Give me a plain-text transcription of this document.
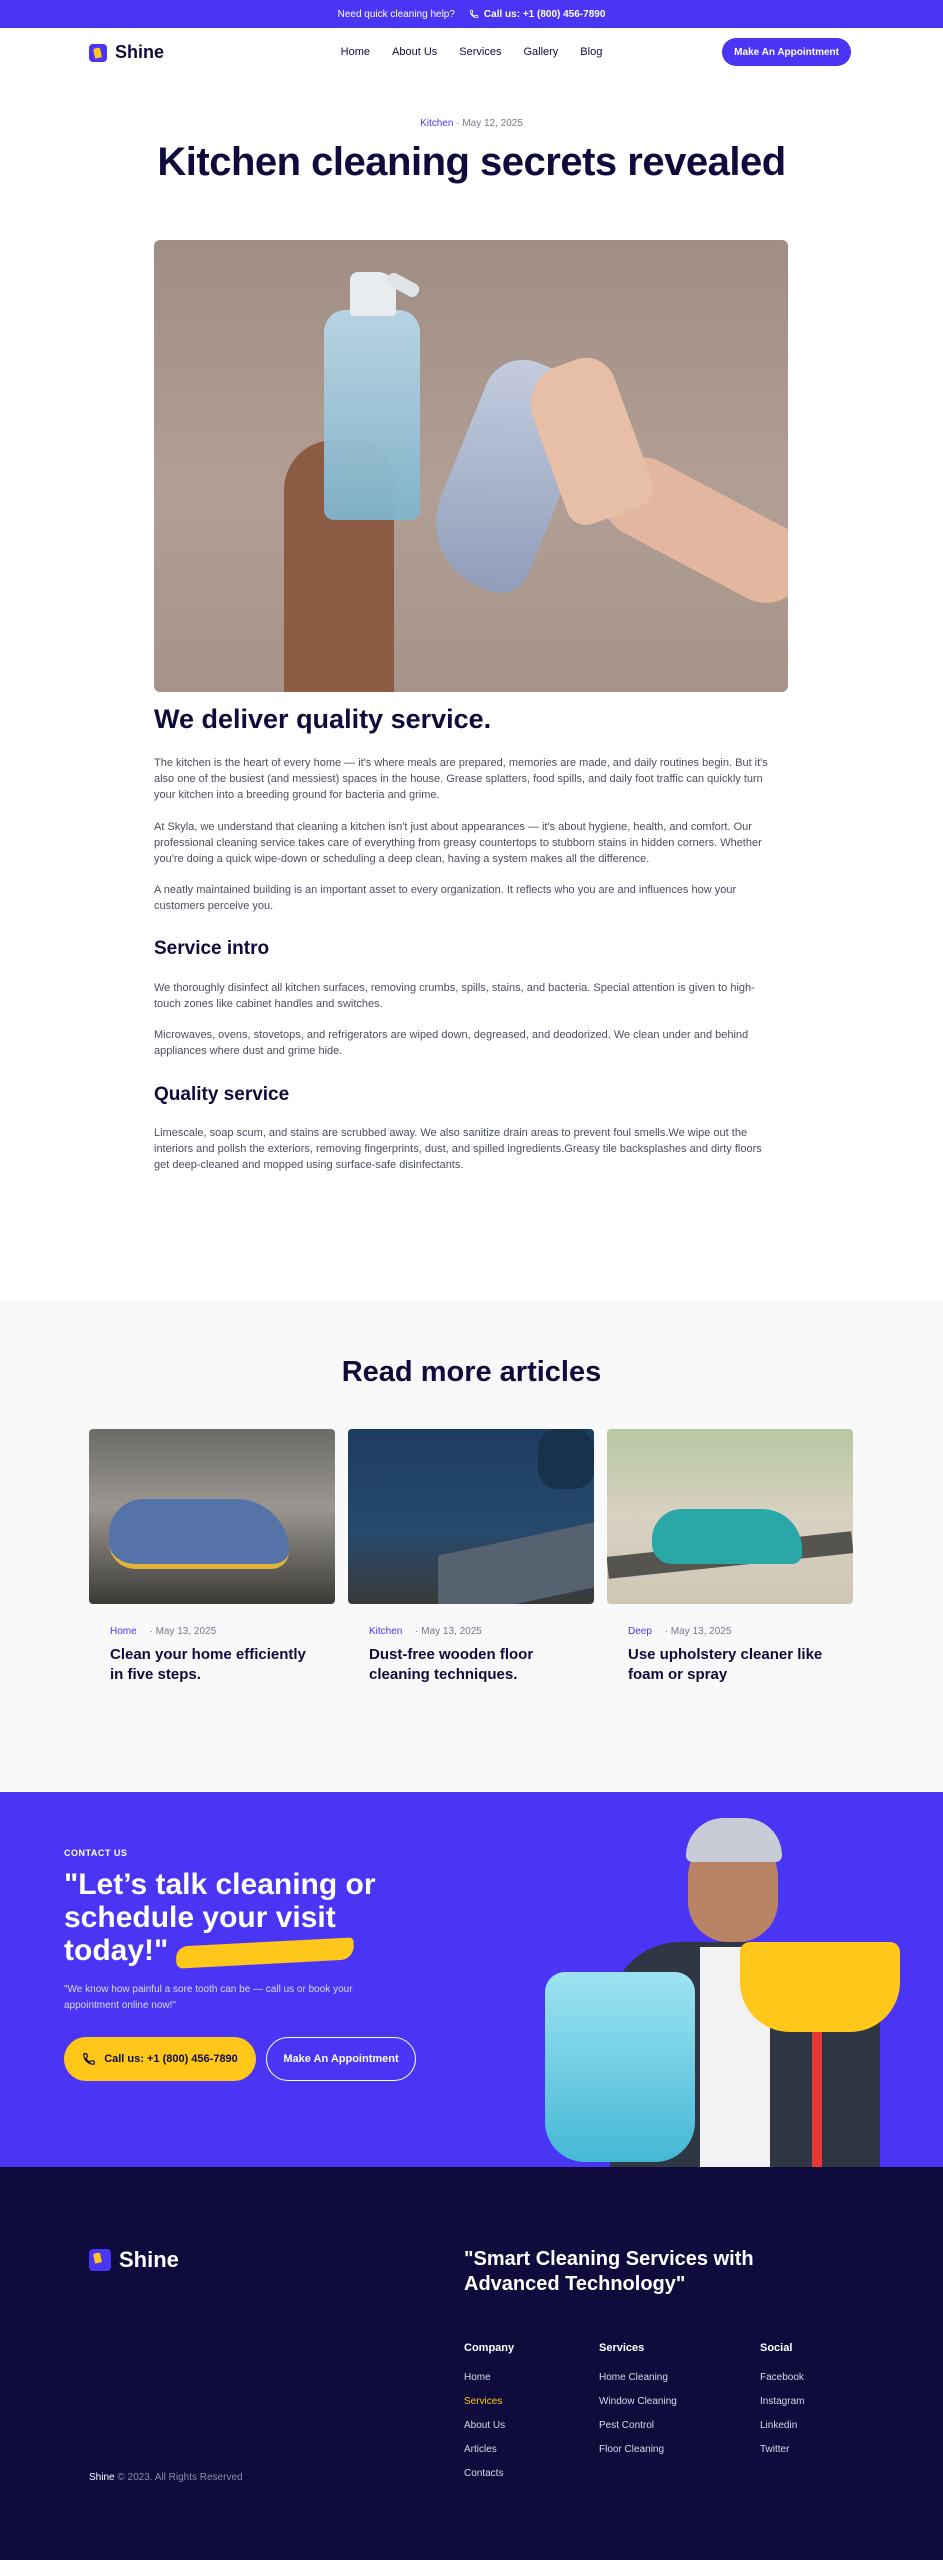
Need quick cleaning help?	Call us: +1 (800) 456-7890
Shine	Home About Us Services Gallery Blog	Make An Appointment
Kitchen · May 12, 2025
Kitchen cleaning secrets revealed
We deliver quality service.

The kitchen is the heart of every home — it's where meals are prepared, memories are made, and daily routines begin. But it's also one of the busiest (and messiest) spaces in the house. Grease splatters, food spills, and daily foot traffic can quickly turn your kitchen into a breeding ground for bacteria and grime.

At Skyla, we understand that cleaning a kitchen isn't just about appearances — it's about hygiene, health, and comfort. Our professional cleaning service takes care of everything from greasy countertops to stubborn stains in hidden corners. Whether you're doing a quick wipe-down or scheduling a deep clean, having a system makes all the difference.

A neatly maintained building is an important asset to every organization. It reflects who you are and influences how your customers perceive you.

Service intro

We thoroughly disinfect all kitchen surfaces, removing crumbs, spills, stains, and bacteria. Special attention is given to high-touch zones like cabinet handles and switches.

Microwaves, ovens, stovetops, and refrigerators are wiped down, degreased, and deodorized. We clean under and behind appliances where dust and grime hide.

Quality service

Limescale, soap scum, and stains are scrubbed away. We also sanitize drain areas to prevent foul smells.We wipe out the interiors and polish the exteriors, removing fingerprints, dust, and spilled ingredients.Greasy tile backsplashes and dirty floors get deep-cleaned and mopped using surface-safe disinfectants.

Read more articles
Home · May 13, 2025
Clean your home efficiently in five steps.
Kitchen · May 13, 2025
Dust-free wooden floor cleaning techniques.
Deep · May 13, 2025
Use upholstery cleaner like foam or spray
CONTACT US
"Let’s talk cleaning or schedule your visit today!"

"We know how painful a sore tooth can be — call us or book your appointment online now!"

Call us: +1 (800) 456-7890	Make An Appointment
Shine	"Smart Cleaning Services with Advanced Technology"
Company
Home
Services
About Us
Articles
Contacts
Services
Home Cleaning
Window Cleaning
Pest Control
Floor Cleaning
Social
Facebook
Instagram
Linkedin
Twitter
Shine © 2023. All Rights Reserved
